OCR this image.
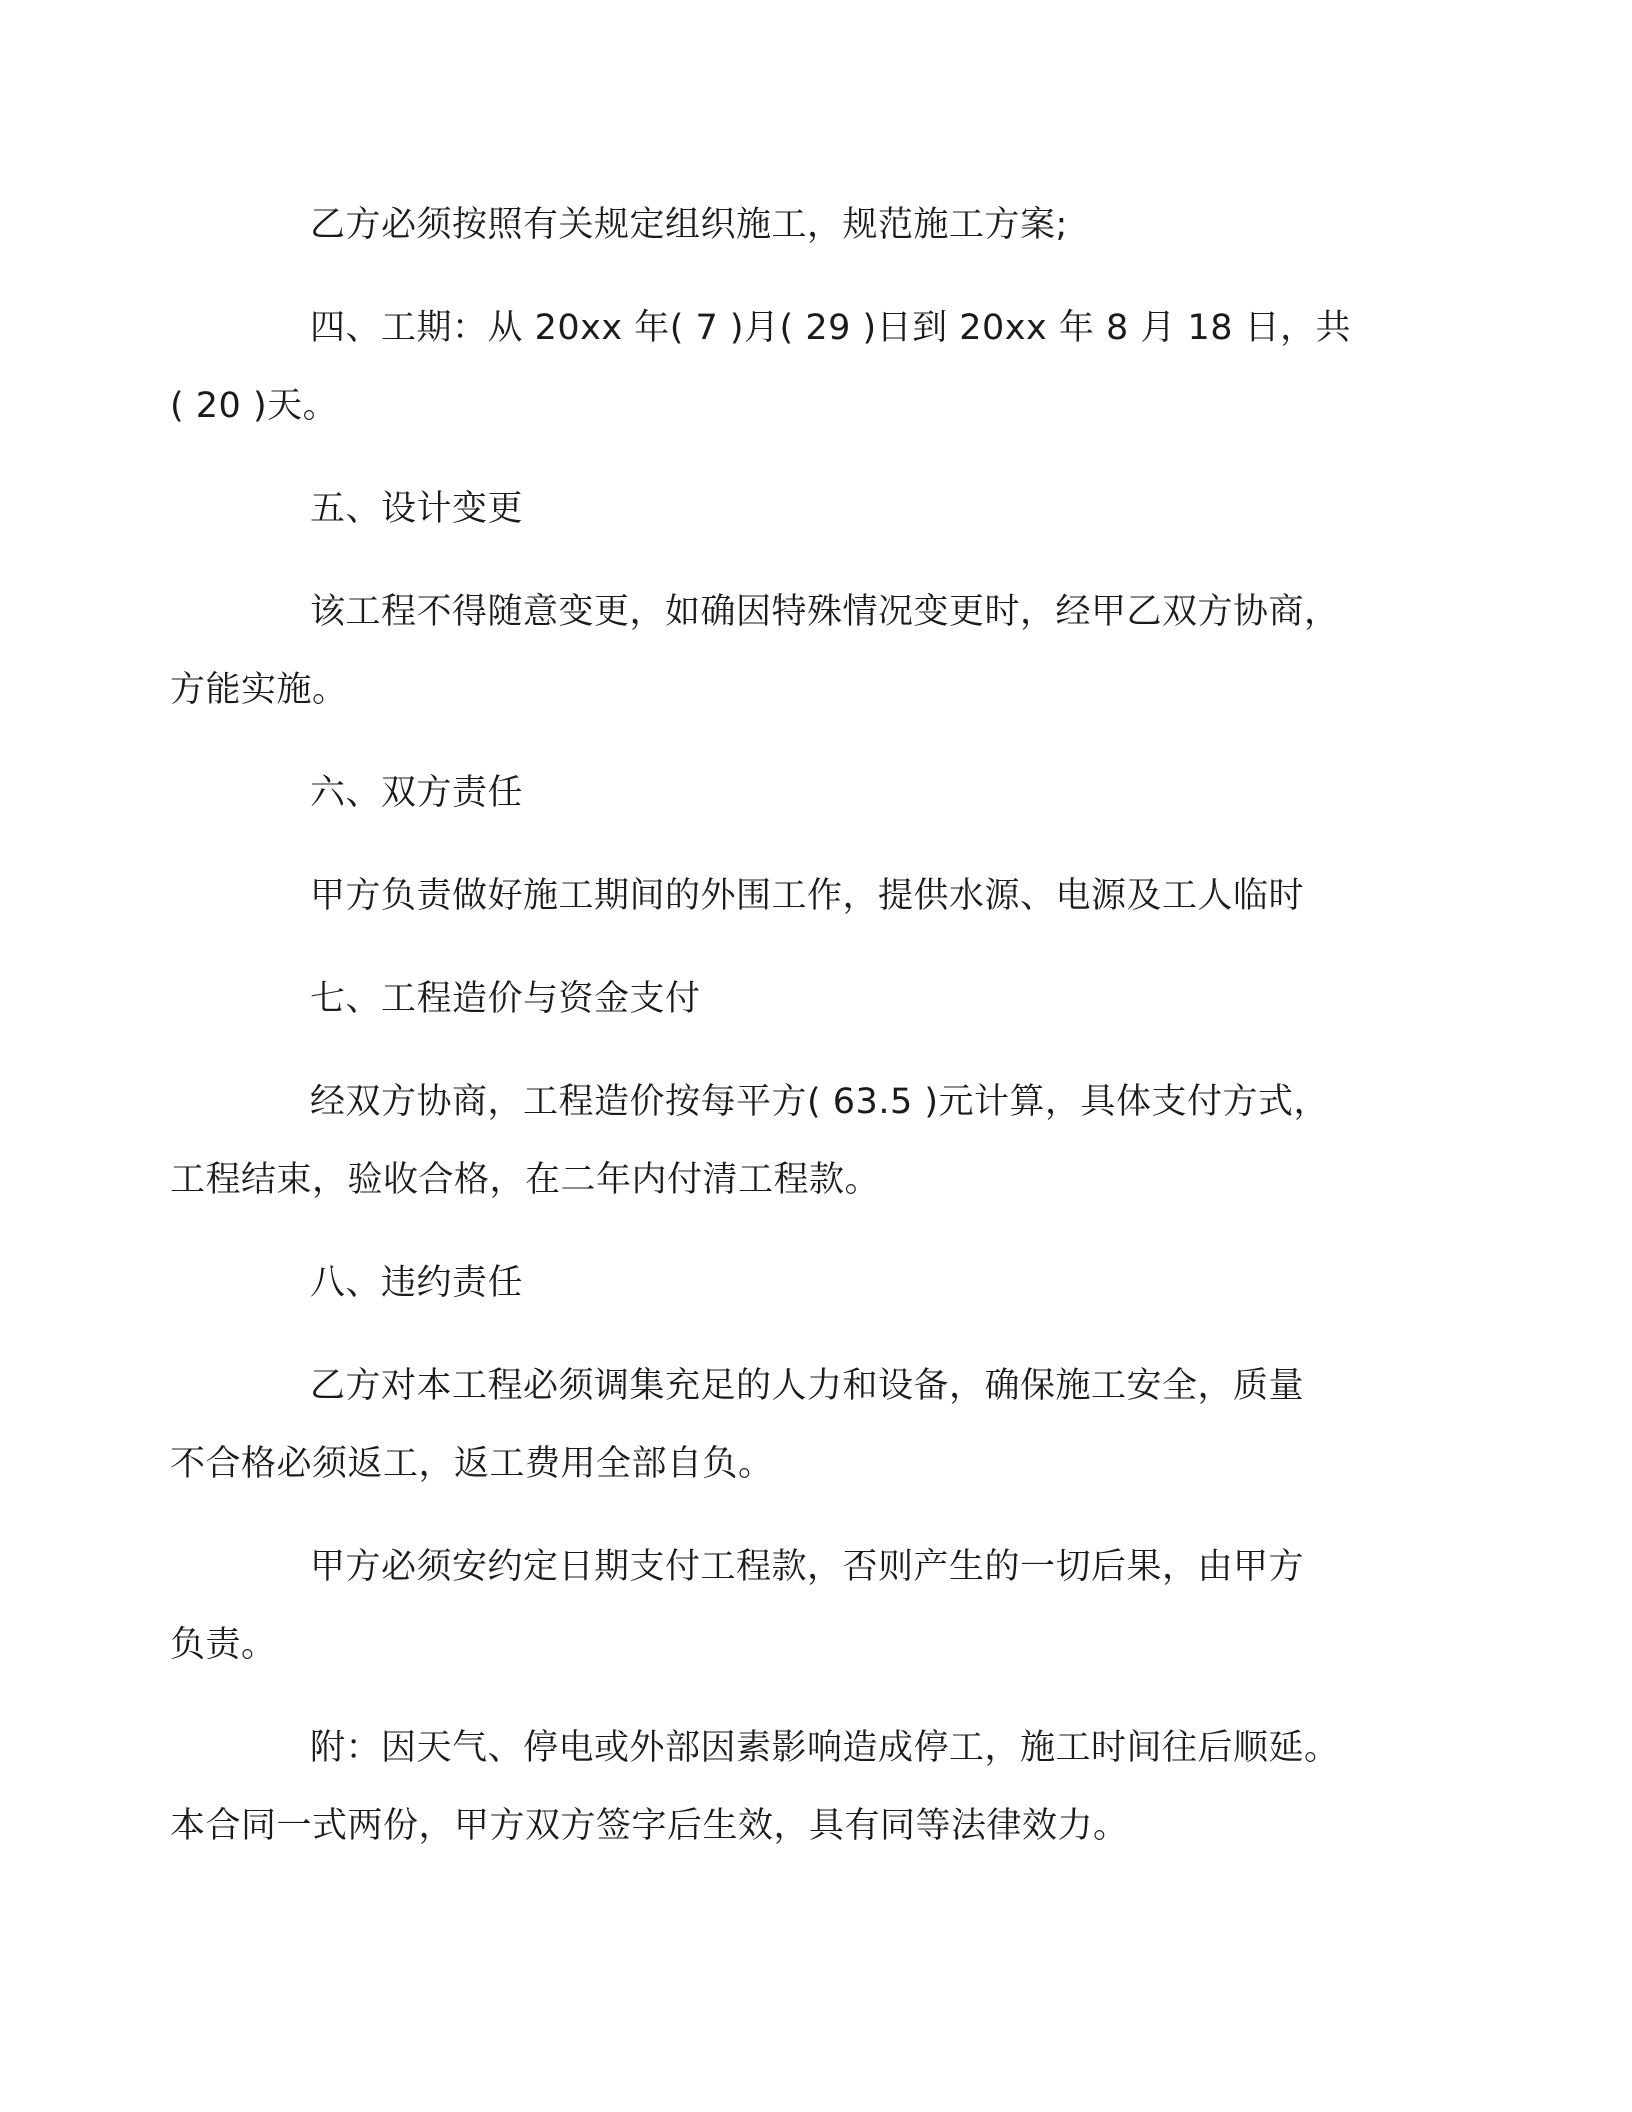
乙方必须按照有关规定组织施工，规范施工方案;
四、工期：从 20xx 年( 7 )月( 29 )日到 20xx 年 8 月 18 日，共
( 20 )天。
五、设计变更
该工程不得随意变更，如确因特殊情况变更时，经甲乙双方协商，
方能实施。
六、双方责任
甲方负责做好施工期间的外围工作，提供水源、电源及工人临时
七、工程造价与资金支付
经双方协商，工程造价按每平方( 63.5 )元计算，具体支付方式，
工程结束，验收合格，在二年内付清工程款。
八、违约责任
乙方对本工程必须调集充足的人力和设备，确保施工安全，质量
不合格必须返工，返工费用全部自负。
甲方必须安约定日期支付工程款，否则产生的一切后果，由甲方
负责。
附：因天气、停电或外部因素影响造成停工，施工时间往后顺延。
本合同一式两份，甲方双方签字后生效，具有同等法律效力。
